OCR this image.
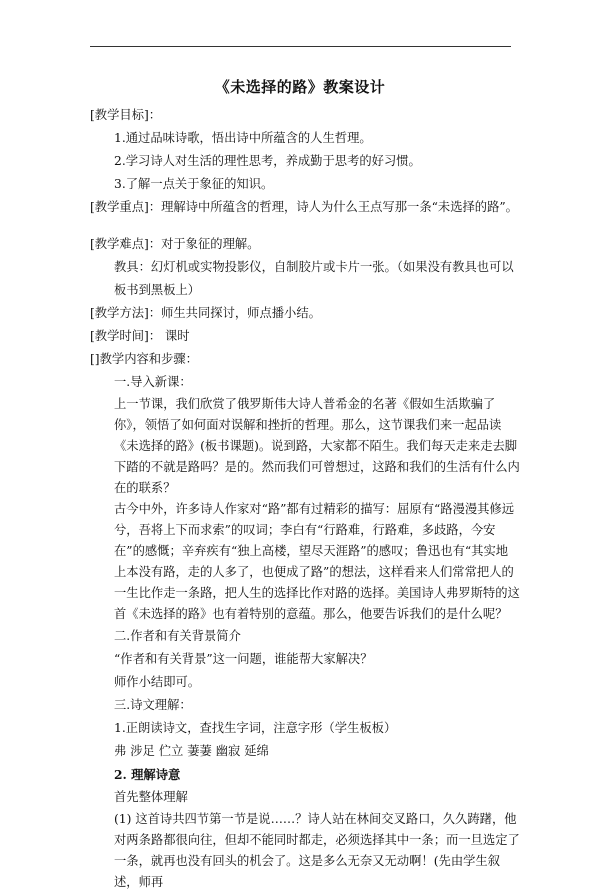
《未选择的路》教案设计

[教学目标]：

1.通过品味诗歌，悟出诗中所蕴含的人生哲理。

2.学习诗人对生活的理性思考，养成勤于思考的好习惯。

3.了解一点关于象征的知识。

[教学重点]：理解诗中所蕴含的哲理，诗人为什么王点写那一条“未选择的路”。

[教学难点]：对于象征的理解。

教具：幻灯机或实物投影仪，自制胶片或卡片一张。（如果没有教具也可以板书到黑板上）

[教学方法]：师生共同探讨，师点播小结。

[教学时间]： 课时

[]教学内容和步骤：

一.导入新课：

上一节课，我们欣赏了俄罗斯伟大诗人普希金的名著《假如生活欺骗了你》，领悟了如何面对误解和挫折的哲理。那么，这节课我们来一起品读《未选择的路》(板书课题)。说到路，大家都不陌生。我们每天走来走去脚下踏的不就是路吗？是的。然而我们可曾想过，这路和我们的生活有什么内在的联系？

古今中外，许多诗人作家对“路”都有过精彩的描写：屈原有“路漫漫其修远兮，吾将上下而求索”的叹词；李白有“行路难，行路难，多歧路，今安在”的感慨；辛弃疾有“独上高楼，望尽天涯路”的感叹；鲁迅也有“其实地上本没有路，走的人多了，也便成了路”的想法，这样看来人们常常把人的一生比作走一条路，把人生的选择比作对路的选择。美国诗人弗罗斯特的这首《未选择的路》也有着特别的意蕴。那么，他要告诉我们的是什么呢？

二.作者和有关背景简介

“作者和有关背景”这一问题，谁能帮大家解决？

师作小结即可。

三.诗文理解：

1.正朗读诗文，查找生字词，注意字形（学生板板）

弗 涉足 伫立 萋萋 幽寂 延绵

2. 理解诗意

首先整体理解

(1) 这首诗共四节第一节是说……？诗人站在林间交叉路口，久久踌躇，他对两条路都很向往，但却不能同时都走，必须选择其中一条；而一旦选定了一条，就再也没有回头的机会了。这是多么无奈又无动啊！(先由学生叙述，师再
